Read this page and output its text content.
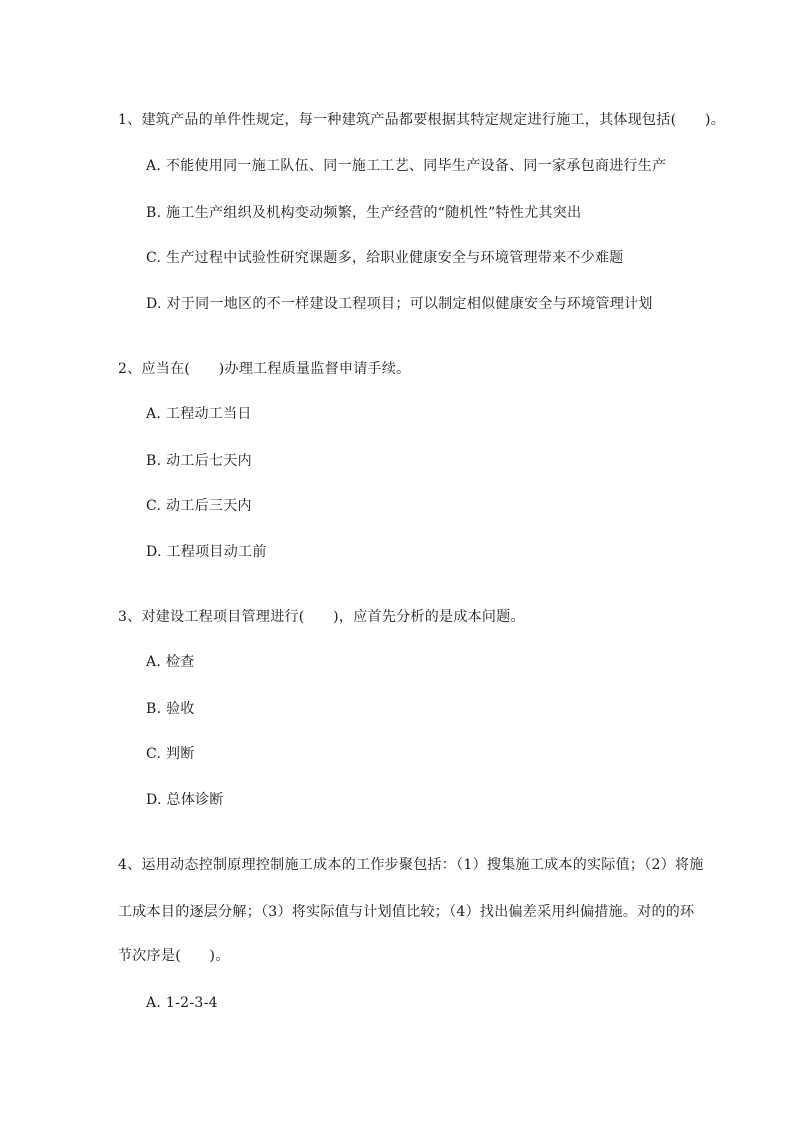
1、建筑产品的单件性规定，每一种建筑产品都要根据其特定规定进行施工，其体现包括(　　)。
A. 不能使用同一施工队伍、同一施工工艺、同毕生产设备、同一家承包商进行生产
B. 施工生产组织及机构变动频繁，生产经营的“随机性”特性尤其突出
C. 生产过程中试验性研究课题多，给职业健康安全与环境管理带来不少难题
D. 对于同一地区的不一样建设工程项目；可以制定相似健康安全与环境管理计划
2、应当在(　　)办理工程质量监督申请手续。
A. 工程动工当日
B. 动工后七天内
C. 动工后三天内
D. 工程项目动工前
3、对建设工程项目管理进行(　　)，应首先分析的是成本问题。
A. 检查
B. 验收
C. 判断
D. 总体诊断
4、运用动态控制原理控制施工成本的工作步聚包括：（1）搜集施工成本的实际值；（2）将施
工成本目的逐层分解；（3）将实际值与计划值比较；（4）找出偏差采用纠偏措施。对的的环
节次序是(　　)。
A. 1-2-3-4
